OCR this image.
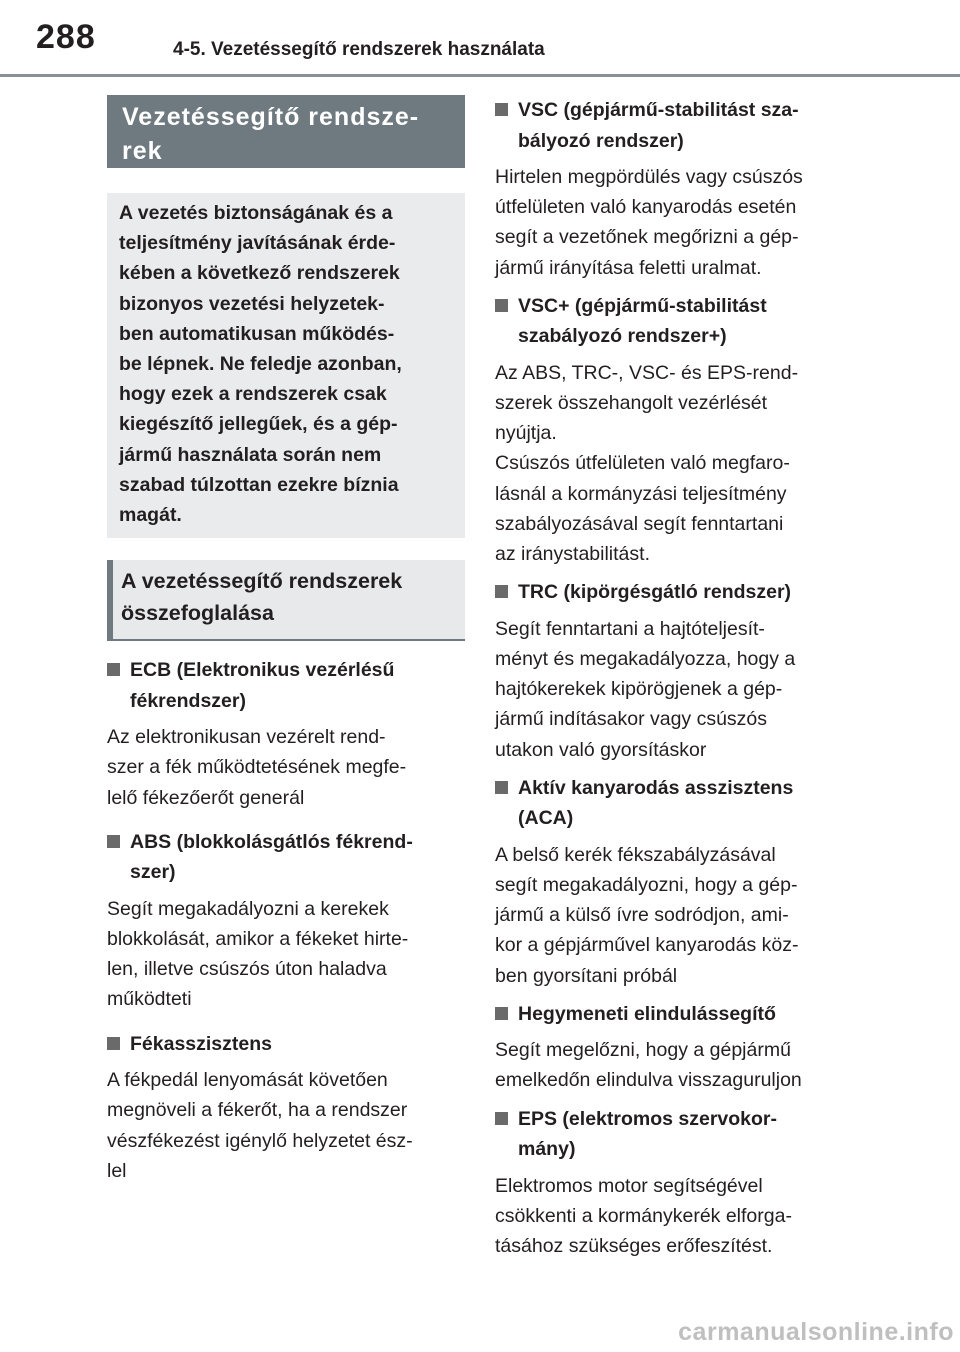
288	4-5. Vezetéssegítő rendszerek használata
Vezetéssegítő rendsze-
rek
A vezetés biztonságának és a
teljesítmény javításának érde-
kében a következő rendszerek
bizonyos vezetési helyzetek-
ben automatikusan működés-
be lépnek. Ne feledje azonban,
hogy ezek a rendszerek csak
kiegészítő jellegűek, és a gép-
jármű használata során nem
szabad túlzottan ezekre bíznia
magát.
A vezetéssegítő rendszerek
összefoglalása
ECB (Elektronikus vezérlésű
fékrendszer)
Az elektronikusan vezérelt rend-
szer a fék működtetésének megfe-
lelő fékezőerőt generál
ABS (blokkolásgátlós fékrend-
szer)
Segít megakadályozni a kerekek
blokkolását, amikor a fékeket hirte-
len, illetve csúszós úton haladva
működteti
Fékasszisztens
A fékpedál lenyomását követően
megnöveli a fékerőt, ha a rendszer
vészfékezést igénylő helyzetet ész-
lel
VSC (gépjármű-stabilitást sza-
bályozó rendszer)
Hirtelen megpördülés vagy csúszós
útfelületen való kanyarodás esetén
segít a vezetőnek megőrizni a gép-
jármű irányítása feletti uralmat.
VSC+ (gépjármű-stabilitást
szabályozó rendszer+)
Az ABS, TRC-, VSC- és EPS-rend-
szerek összehangolt vezérlését
nyújtja.
Csúszós útfelületen való megfaro-
lásnál a kormányzási teljesítmény
szabályozásával segít fenntartani
az iránystabilitást.
TRC (kipörgésgátló rendszer)
Segít fenntartani a hajtóteljesít-
ményt és megakadályozza, hogy a
hajtókerekek kipörögjenek a gép-
jármű indításakor vagy csúszós
utakon való gyorsításkor
Aktív kanyarodás asszisztens
(ACA)
A belső kerék fékszabályzásával
segít megakadályozni, hogy a gép-
jármű a külső ívre sodródjon, ami-
kor a gépjárművel kanyarodás köz-
ben gyorsítani próbál
Hegymeneti elindulássegítő
Segít megelőzni, hogy a gépjármű
emelkedőn elindulva visszaguruljon
EPS (elektromos szervokor-
mány)
Elektromos motor segítségével
csökkenti a kormánykerék elforga-
tásához szükséges erőfeszítést.
carmanualsonline.info
